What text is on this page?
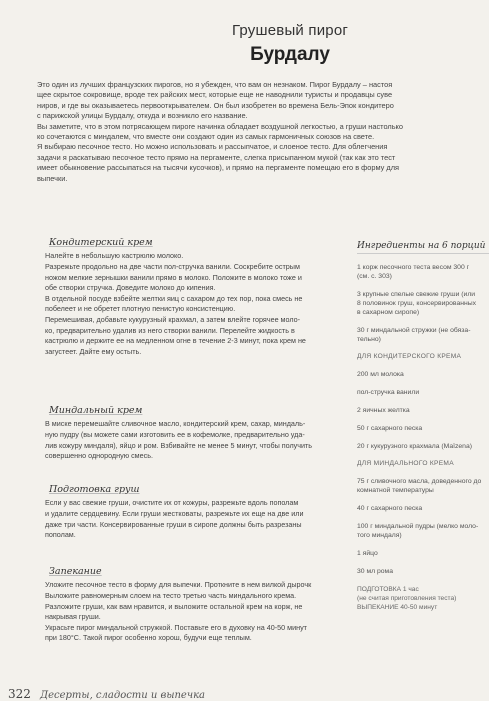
Грушевый пирог
Бурдалу

Это один из лучших французских пирогов, но я убежден, что вам он незнаком. Пирог Бурдалу – настоя

щее скрытое сокровище, вроде тех райских мест, которые еще не наводнили туристы и продавцы суве

ниров, и где вы оказываетесь первооткрывателем. Он был изобретен во времена Бель-Эпок кондитеро

с парижской улицы Бурдалу, откуда и возникло его название.

Вы заметите, что в этом потрясающем пироге начинка обладает воздушной легкостью, а груши настолько

ко сочетаются с миндалем, что вместе они создают один из самых гармоничных союзов на свете.

Я выбираю песочное тесто. Но можно использовать и рассыпчатое, и слоеное тесто. Для облегчения

задачи я раскатываю песочное тесто прямо на пергаменте, слегка присыпанном мукой (так как это тест

имеет обыкновение рассыпаться на тысячи кусочков), и прямо на пергаменте помещаю его в форму для

выпечки.

Кондитерский крем

Налейте в небольшую кастрюлю молоко.

Разрежьте продольно на две части пол-стручка ванили. Соскребите острым

ножом мелкие зернышки ванили прямо в молоко. Положите в молоко тоже и

обе створки стручка. Доведите молоко до кипения.

В отдельной посуде взбейте желтки яиц с сахаром до тех пор, пока смесь не

побелеет и не обретет плотную пенистую консистенцию.

Перемешивая, добавьте кукурузный крахмал, а затем влейте горячее моло-

ко, предварительно удалив из него створки ванили. Перелейте жидкость в

кастрюлю и держите ее на медленном огне в течение 2-3 минут, пока крем не

загустеет. Дайте ему остыть.

Миндальный крем

В миске перемешайте сливочное масло, кондитерский крем, сахар, миндаль-

ную пудру (вы можете сами изготовить ее в кофемолке, предварительно уда-

лив кожуру миндаля), яйцо и ром. Взбивайте не менее 5 минут, чтобы получить

совершенно однородную смесь.

Подготовка груш

Если у вас свежие груши, очистите их от кожуры, разрежьте вдоль пополам

и удалите сердцевину. Если груши жестковаты, разрежьте их еще на две или

даже три части. Консервированные груши в сиропе должны быть разрезаны

пополам.

Запекание

Уложите песочное тесто в форму для выпечки. Проткните в нем вилкой дырочк

Выложите равномерным слоем на тесто третью часть миндального крема.

Разложите груши, как вам нравится, и выложите остальной крем на корж, не

накрывая груши.

Украсьте пирог миндальной стружкой. Поставьте его в духовку на 40-50 минут

при 180°С. Такой пирог особенно хорош, будучи еще теплым.

Ингредиенты на 6 порций
1 корж песочного теста весом 300 г
(см. с. 303)
3 крупные спелые свежие груши (или
8 половинок груш, консервированных
в сахарном сиропе)
30 г миндальной стружки (не обяза-
тельно)
ДЛЯ КОНДИТЕРСКОГО КРЕМА
200 мл молока
пол-стручка ванили
2 яичных желтка
50 г сахарного песка
20 г кукурузного крахмала (Maïzena)
ДЛЯ МИНДАЛЬНОГО КРЕМА
75 г сливочного масла, доведенного до
комнатной температуры
40 г сахарного песка
100 г миндальной пудры (мелко моло-
того миндаля)
1 яйцо
30 мл рома
ПОДГОТОВКА 1 час
(не считая приготовления теста)
ВЫПЕКАНИЕ 40-50 минут
322 Десерты, сладости и выпечка
